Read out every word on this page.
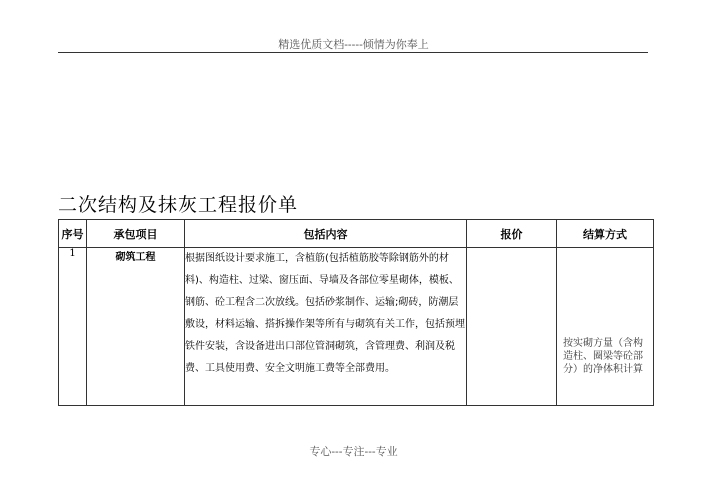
精选优质文档-----倾情为你奉上
二次结构及抹灰工程报价单
序号	承包项目	包括内容	报价	结算方式
1	砌筑工程	根据图纸设计要求施工，含植筋(包括植筋胶等除钢筋外的材料)、构造柱、过梁、窗压面、导墙及各部位零星砌体，模板、钢筋、砼工程含二次放线。包括砂浆制作、运输;砌砖，防潮层敷设，材料运输、搭拆操作架等所有与砌筑有关工作，包括预埋铁件安装，含设备进出口部位管洞砌筑，含管理费、利润及税费、工具使用费、安全文明施工费等全部费用。		按实砌方量（含构造柱、圈梁等砼部分）的净体积计算
专心---专注---专业
